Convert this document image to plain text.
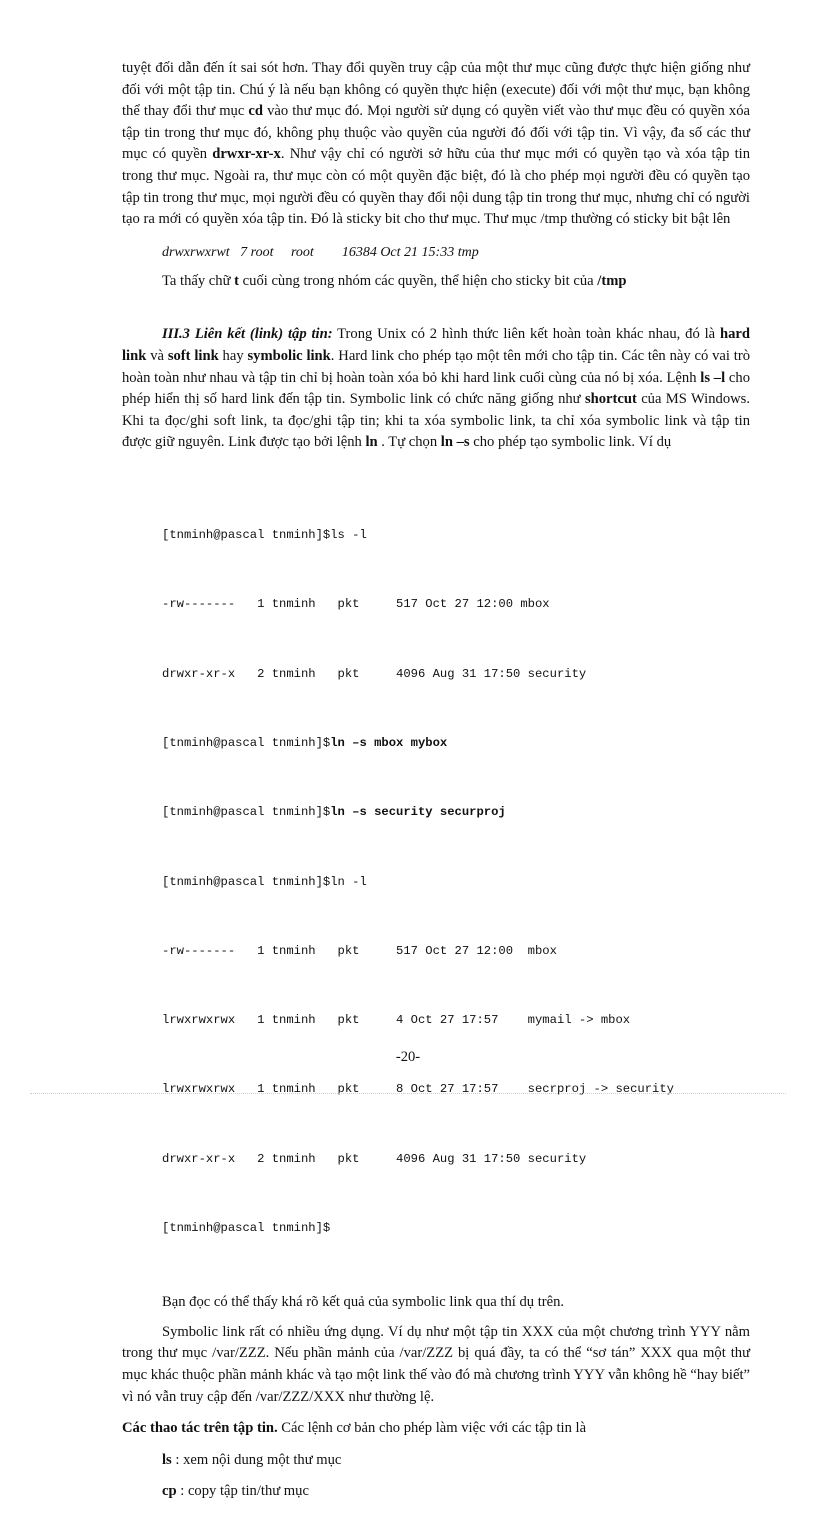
tuyệt đối dẫn đến ít sai sót hơn. Thay đổi quyền truy cập của một thư mục cũng được thực hiện giống như đối với một tập tin. Chú ý là nếu bạn không có quyền thực hiện (execute) đối với một thư mục, bạn không thể thay đổi thư mục cd vào thư mục đó. Mọi người sử dụng có quyền viết vào thư mục đều có quyền xóa tập tin trong thư mục đó, không phụ thuộc vào quyền của người đó đối với tập tin. Vì vậy, đa số các thư mục có quyền drwxr-xr-x. Như vậy chỉ có người sở hữu của thư mục mới có quyền tạo và xóa tập tin trong thư mục. Ngoài ra, thư mục còn có một quyền đặc biệt, đó là cho phép mọi người đều có quyền tạo tập tin trong thư mục, mọi người đều có quyền thay đổi nội dung tập tin trong thư mục, nhưng chỉ có người tạo ra mới có quyền xóa tập tin. Đó là sticky bit cho thư mục. Thư mục /tmp thường có sticky bit bật lên

drwxrwxrwt   7 root     root        16384 Oct 21 15:33 tmp

Ta thấy chữ t cuối cùng trong nhóm các quyền, thể hiện cho sticky bit của /tmp

III.3 Liên kết (link) tập tin: Trong Unix có 2 hình thức liên kết hoàn toàn khác nhau, đó là hard link và soft link hay symbolic link. Hard link cho phép tạo một tên mới cho tập tin. Các tên này có vai trò hoàn toàn như nhau và tập tin chỉ bị hoàn toàn xóa bỏ khi hard link cuối cùng của nó bị xóa. Lệnh ls –l cho phép hiển thị số hard link đến tập tin. Symbolic link có chức năng giống như shortcut của MS Windows. Khi ta đọc/ghi soft link, ta đọc/ghi tập tin; khi ta xóa symbolic link, ta chỉ xóa symbolic link và tập tin được giữ nguyên. Link được tạo bởi lệnh ln . Tự chọn ln –s cho phép tạo symbolic link. Ví dụ

[tnminh@pascal tnminh]$ls -l

-rw-------   1 tnminh   pkt     517 Oct 27 12:00 mbox

drwxr-xr-x   2 tnminh   pkt     4096 Aug 31 17:50 security

[tnminh@pascal tnminh]$ln –s mbox mybox

[tnminh@pascal tnminh]$ln –s security securproj

[tnminh@pascal tnminh]$ln -l

-rw-------   1 tnminh   pkt     517 Oct 27 12:00  mbox

lrwxrwxrwx   1 tnminh   pkt     4 Oct 27 17:57    mymail -> mbox

lrwxrwxrwx   1 tnminh   pkt     8 Oct 27 17:57    secrproj -> security

drwxr-xr-x   2 tnminh   pkt     4096 Aug 31 17:50 security

[tnminh@pascal tnminh]$

Bạn đọc có thể thấy khá rõ kết quả của symbolic link qua thí dụ trên.

Symbolic link rất có nhiều ứng dụng. Ví dụ như một tập tin XXX của một chương trình YYY nằm trong thư mục /var/ZZZ. Nếu phần mảnh của /var/ZZZ bị quá đầy, ta có thể “sơ tán” XXX qua một thư mục khác thuộc phần mảnh khác và tạo một link thế vào đó mà chương trình YYY vẫn không hề “hay biết” vì nó vẫn truy cập đến /var/ZZZ/XXX như thường lệ.

Các thao tác trên tập tin. Các lệnh cơ bản cho phép làm việc với các tập tin là

ls : xem nội dung một thư mục

cp : copy tập tin/thư mục

-20-
